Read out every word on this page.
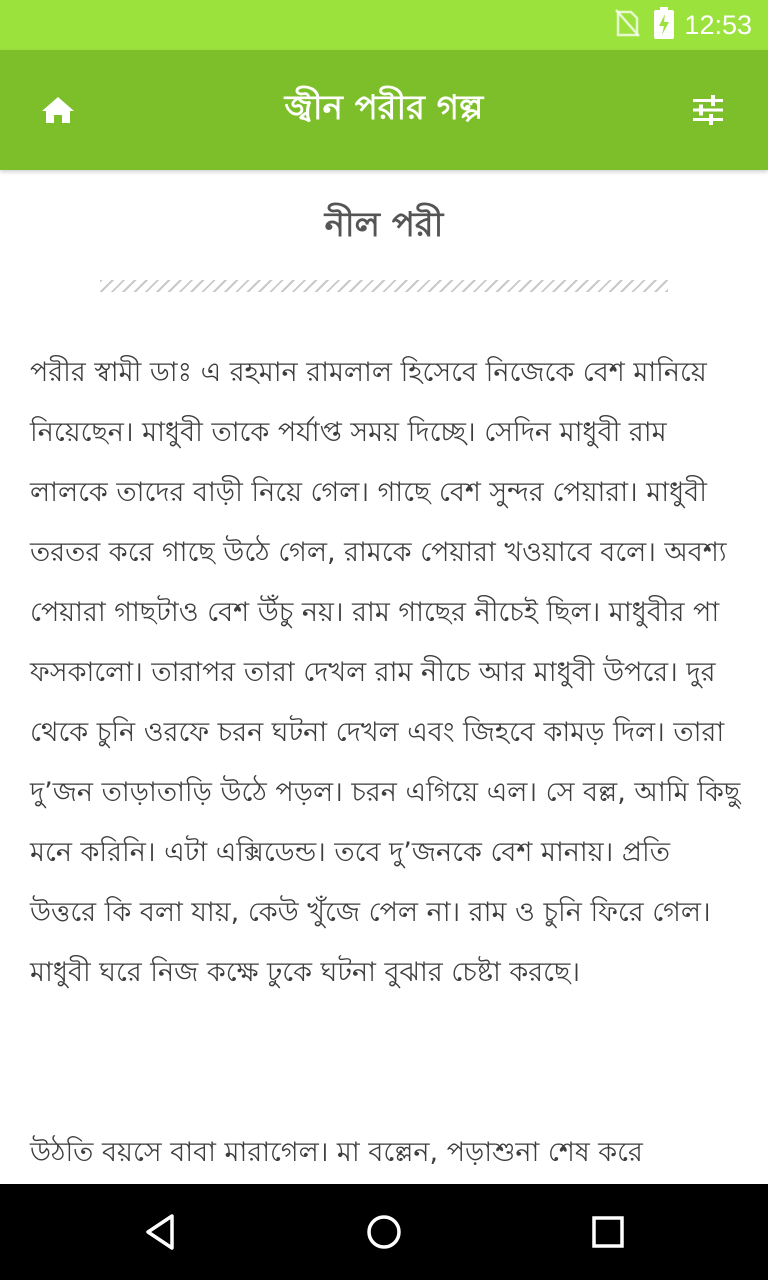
12:53
জ্বীন পরীর গল্প
নীল পরী

পরীর স্বামী ডাঃ এ রহমান রামলাল হিসেবে নিজেকে বেশ মানিয়ে নিয়েছেন। মাধুবী তাকে পর্যাপ্ত সময় দিচ্ছে। সেদিন মাধুবী রাম লালকে তাদের বাড়ী নিয়ে গেল। গাছে বেশ সুন্দর পেয়ারা। মাধুবী তরতর করে গাছে উঠে গেল, রামকে পেয়ারা খওয়াবে বলে। অবশ্য পেয়ারা গাছটাও বেশ উঁচু নয়। রাম গাছের নীচেই ছিল। মাধুবীর পা ফসকালো। তারাপর তারা দেখল রাম নীচে আর মাধুবী উপরে। দুর থেকে চুনি ওরফে চরন ঘটনা দেখল এবং জিহবে কামড় দিল। তারা দু’জন তাড়াতাড়ি উঠে পড়ল। চরন এগিয়ে এল। সে বল্ল, আমি কিছু মনে করিনি। এটা এক্সিডেন্ড। তবে দু’জনকে বেশ মানায়। প্রতি উত্তরে কি বলা যায়, কেউ খুঁজে পেল না। রাম ও চুনি ফিরে গেল। মাধুবী ঘরে নিজ কক্ষে ঢুকে ঘটনা বুঝার চেষ্টা করছে।

উঠতি বয়সে বাবা মারাগেল। মা বল্লেন, পড়াশুনা শেষ করে
